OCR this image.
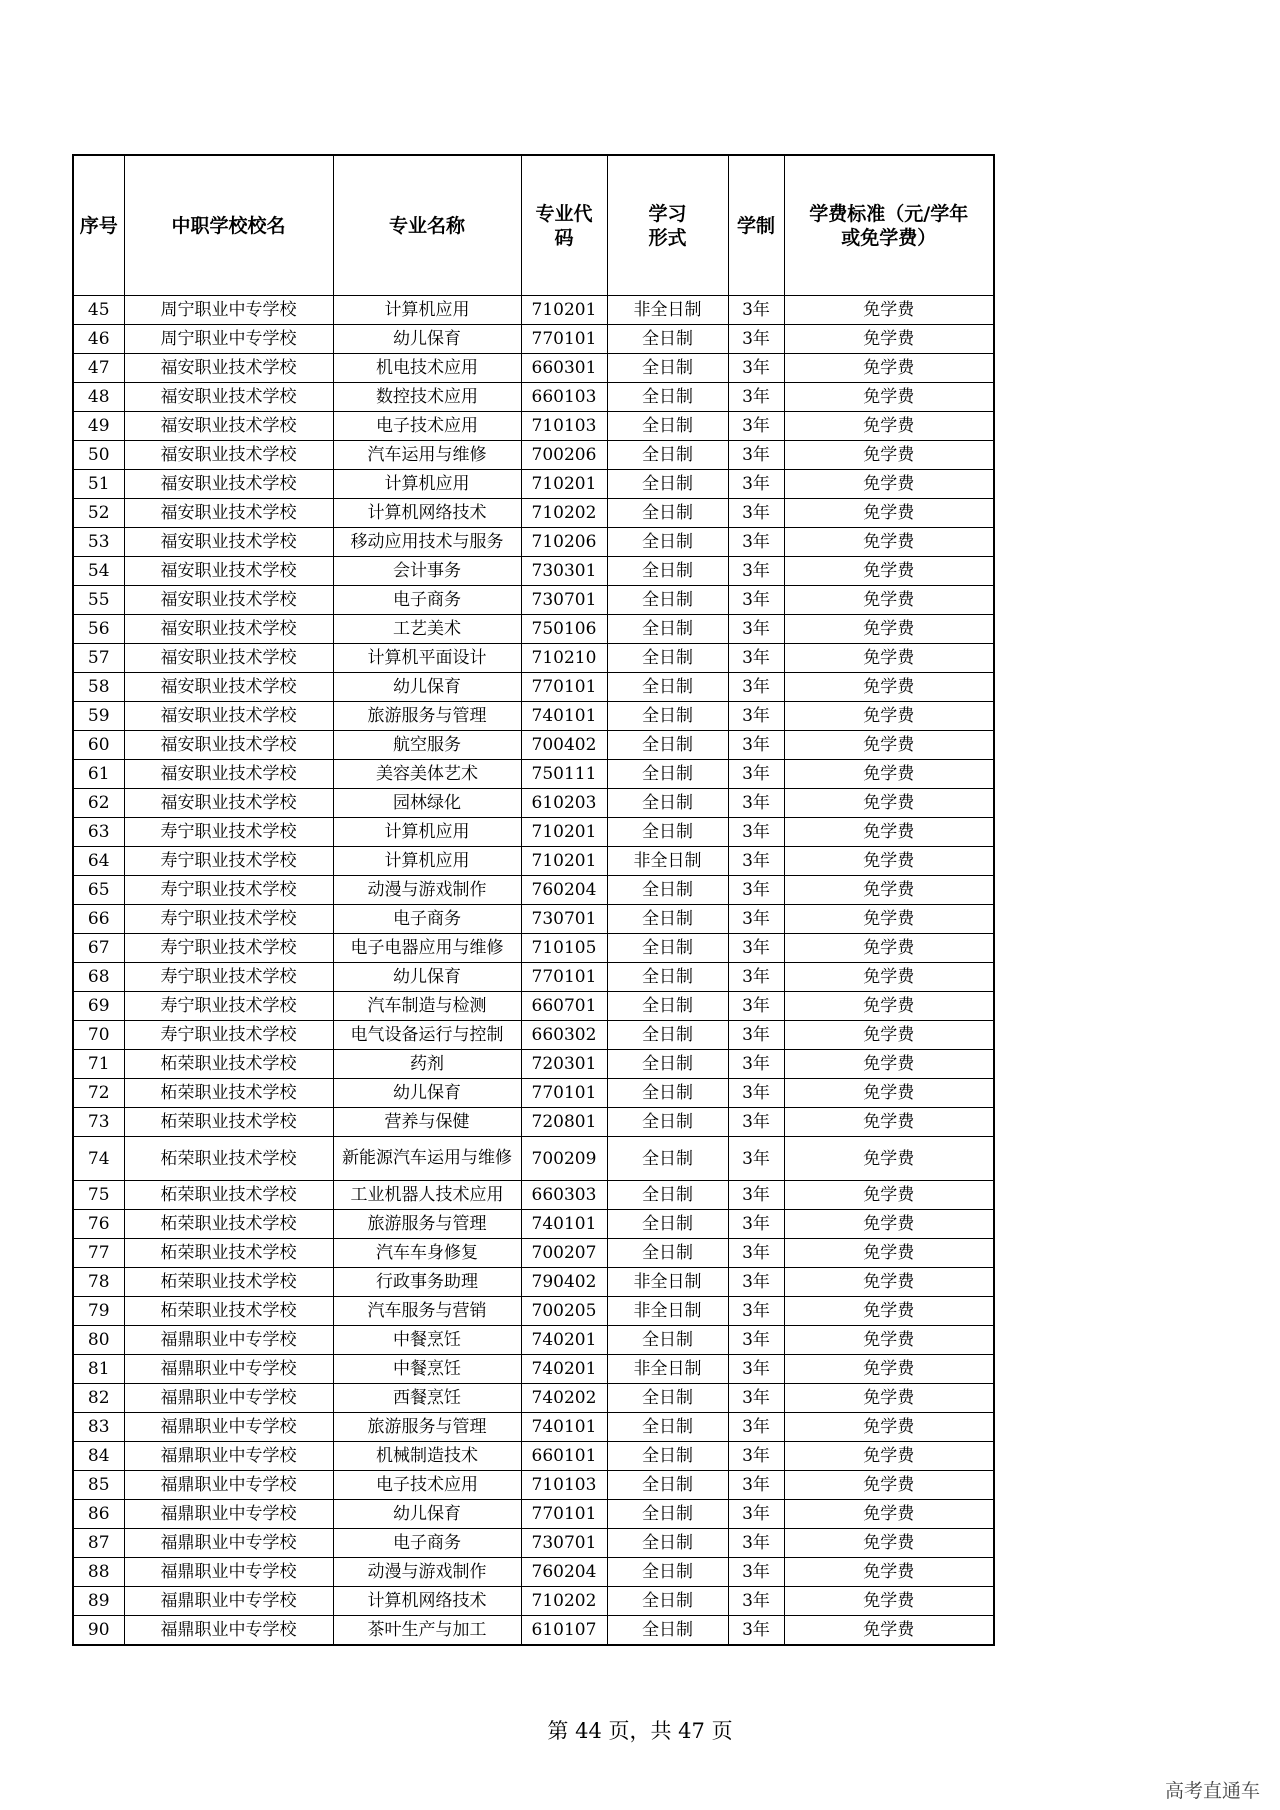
序号	中职学校校名	专业名称	专业代码	学习形式	学制	学费标准（元/学年或免学费）
45	周宁职业中专学校	计算机应用	710201	非全日制	3年	免学费
46	周宁职业中专学校	幼儿保育	770101	全日制	3年	免学费
47	福安职业技术学校	机电技术应用	660301	全日制	3年	免学费
48	福安职业技术学校	数控技术应用	660103	全日制	3年	免学费
49	福安职业技术学校	电子技术应用	710103	全日制	3年	免学费
50	福安职业技术学校	汽车运用与维修	700206	全日制	3年	免学费
51	福安职业技术学校	计算机应用	710201	全日制	3年	免学费
52	福安职业技术学校	计算机网络技术	710202	全日制	3年	免学费
53	福安职业技术学校	移动应用技术与服务	710206	全日制	3年	免学费
54	福安职业技术学校	会计事务	730301	全日制	3年	免学费
55	福安职业技术学校	电子商务	730701	全日制	3年	免学费
56	福安职业技术学校	工艺美术	750106	全日制	3年	免学费
57	福安职业技术学校	计算机平面设计	710210	全日制	3年	免学费
58	福安职业技术学校	幼儿保育	770101	全日制	3年	免学费
59	福安职业技术学校	旅游服务与管理	740101	全日制	3年	免学费
60	福安职业技术学校	航空服务	700402	全日制	3年	免学费
61	福安职业技术学校	美容美体艺术	750111	全日制	3年	免学费
62	福安职业技术学校	园林绿化	610203	全日制	3年	免学费
63	寿宁职业技术学校	计算机应用	710201	全日制	3年	免学费
64	寿宁职业技术学校	计算机应用	710201	非全日制	3年	免学费
65	寿宁职业技术学校	动漫与游戏制作	760204	全日制	3年	免学费
66	寿宁职业技术学校	电子商务	730701	全日制	3年	免学费
67	寿宁职业技术学校	电子电器应用与维修	710105	全日制	3年	免学费
68	寿宁职业技术学校	幼儿保育	770101	全日制	3年	免学费
69	寿宁职业技术学校	汽车制造与检测	660701	全日制	3年	免学费
70	寿宁职业技术学校	电气设备运行与控制	660302	全日制	3年	免学费
71	柘荣职业技术学校	药剂	720301	全日制	3年	免学费
72	柘荣职业技术学校	幼儿保育	770101	全日制	3年	免学费
73	柘荣职业技术学校	营养与保健	720801	全日制	3年	免学费
74	柘荣职业技术学校	新能源汽车运用与维修	700209	全日制	3年	免学费
75	柘荣职业技术学校	工业机器人技术应用	660303	全日制	3年	免学费
76	柘荣职业技术学校	旅游服务与管理	740101	全日制	3年	免学费
77	柘荣职业技术学校	汽车车身修复	700207	全日制	3年	免学费
78	柘荣职业技术学校	行政事务助理	790402	非全日制	3年	免学费
79	柘荣职业技术学校	汽车服务与营销	700205	非全日制	3年	免学费
80	福鼎职业中专学校	中餐烹饪	740201	全日制	3年	免学费
81	福鼎职业中专学校	中餐烹饪	740201	非全日制	3年	免学费
82	福鼎职业中专学校	西餐烹饪	740202	全日制	3年	免学费
83	福鼎职业中专学校	旅游服务与管理	740101	全日制	3年	免学费
84	福鼎职业中专学校	机械制造技术	660101	全日制	3年	免学费
85	福鼎职业中专学校	电子技术应用	710103	全日制	3年	免学费
86	福鼎职业中专学校	幼儿保育	770101	全日制	3年	免学费
87	福鼎职业中专学校	电子商务	730701	全日制	3年	免学费
88	福鼎职业中专学校	动漫与游戏制作	760204	全日制	3年	免学费
89	福鼎职业中专学校	计算机网络技术	710202	全日制	3年	免学费
90	福鼎职业中专学校	茶叶生产与加工	610107	全日制	3年	免学费
第 44 页，共 47 页
高考直通车
